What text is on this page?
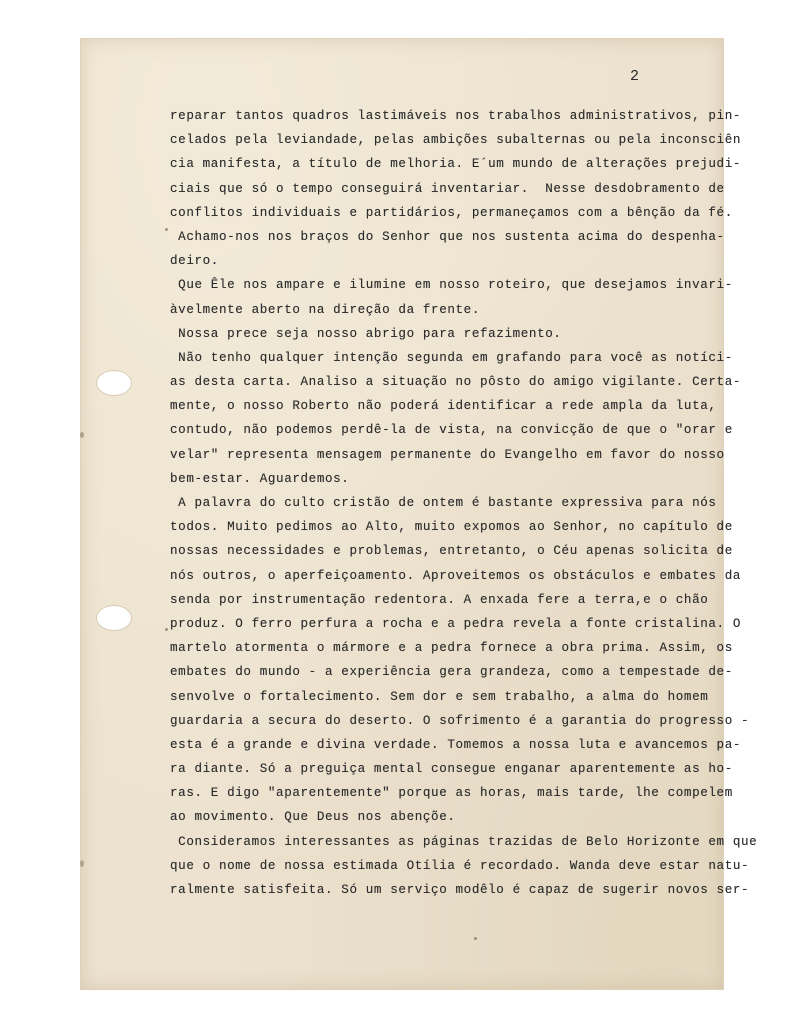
2
reparar tantos quadros lastimáveis nos trabalhos administrativos, pin-
celados pela leviandade, pelas ambições subalternas ou pela inconsciên
cia manifesta, a título de melhoria. E´um mundo de alterações prejudi-
ciais que só o tempo conseguirá inventariar.  Nesse desdobramento de
conflitos individuais e partidários, permaneçamos com a bênção da fé.
Achamo-nos nos braços do Senhor que nos sustenta acima do despenha-
deiro.
Que Êle nos ampare e ilumine em nosso roteiro, que desejamos invari-
àvelmente aberto na direção da frente.
Nossa prece seja nosso abrigo para refazimento.
Não tenho qualquer intenção segunda em grafando para você as notíci-
as desta carta. Analiso a situação no pôsto do amigo vigilante. Certa-
mente, o nosso Roberto não poderá identificar a rede ampla da luta,
contudo, não podemos perdê-la de vista, na convicção de que o "orar e
velar" representa mensagem permanente do Evangelho em favor do nosso
bem-estar. Aguardemos.
A palavra do culto cristão de ontem é bastante expressiva para nós
todos. Muito pedimos ao Alto, muito expomos ao Senhor, no capítulo de
nossas necessidades e problemas, entretanto, o Céu apenas solicita de
nós outros, o aperfeiçoamento. Aproveitemos os obstáculos e embates da
senda por instrumentação redentora. A enxada fere a terra,e o chão
produz. O ferro perfura a rocha e a pedra revela a fonte cristalina. O
martelo atormenta o mármore e a pedra fornece a obra prima. Assim, os
embates do mundo - a experiência gera grandeza, como a tempestade de-
senvolve o fortalecimento. Sem dor e sem trabalho, a alma do homem
guardaria a secura do deserto. O sofrimento é a garantia do progresso -
esta é a grande e divina verdade. Tomemos a nossa luta e avancemos pa-
ra diante. Só a preguiça mental consegue enganar aparentemente as ho-
ras. E digo "aparentemente" porque as horas, mais tarde, lhe compelem
ao movimento. Que Deus nos abençõe.
Consideramos interessantes as páginas trazidas de Belo Horizonte em que
que o nome de nossa estimada Otília é recordado. Wanda deve estar natu-
ralmente satisfeita. Só um serviço modêlo é capaz de sugerir novos ser-
